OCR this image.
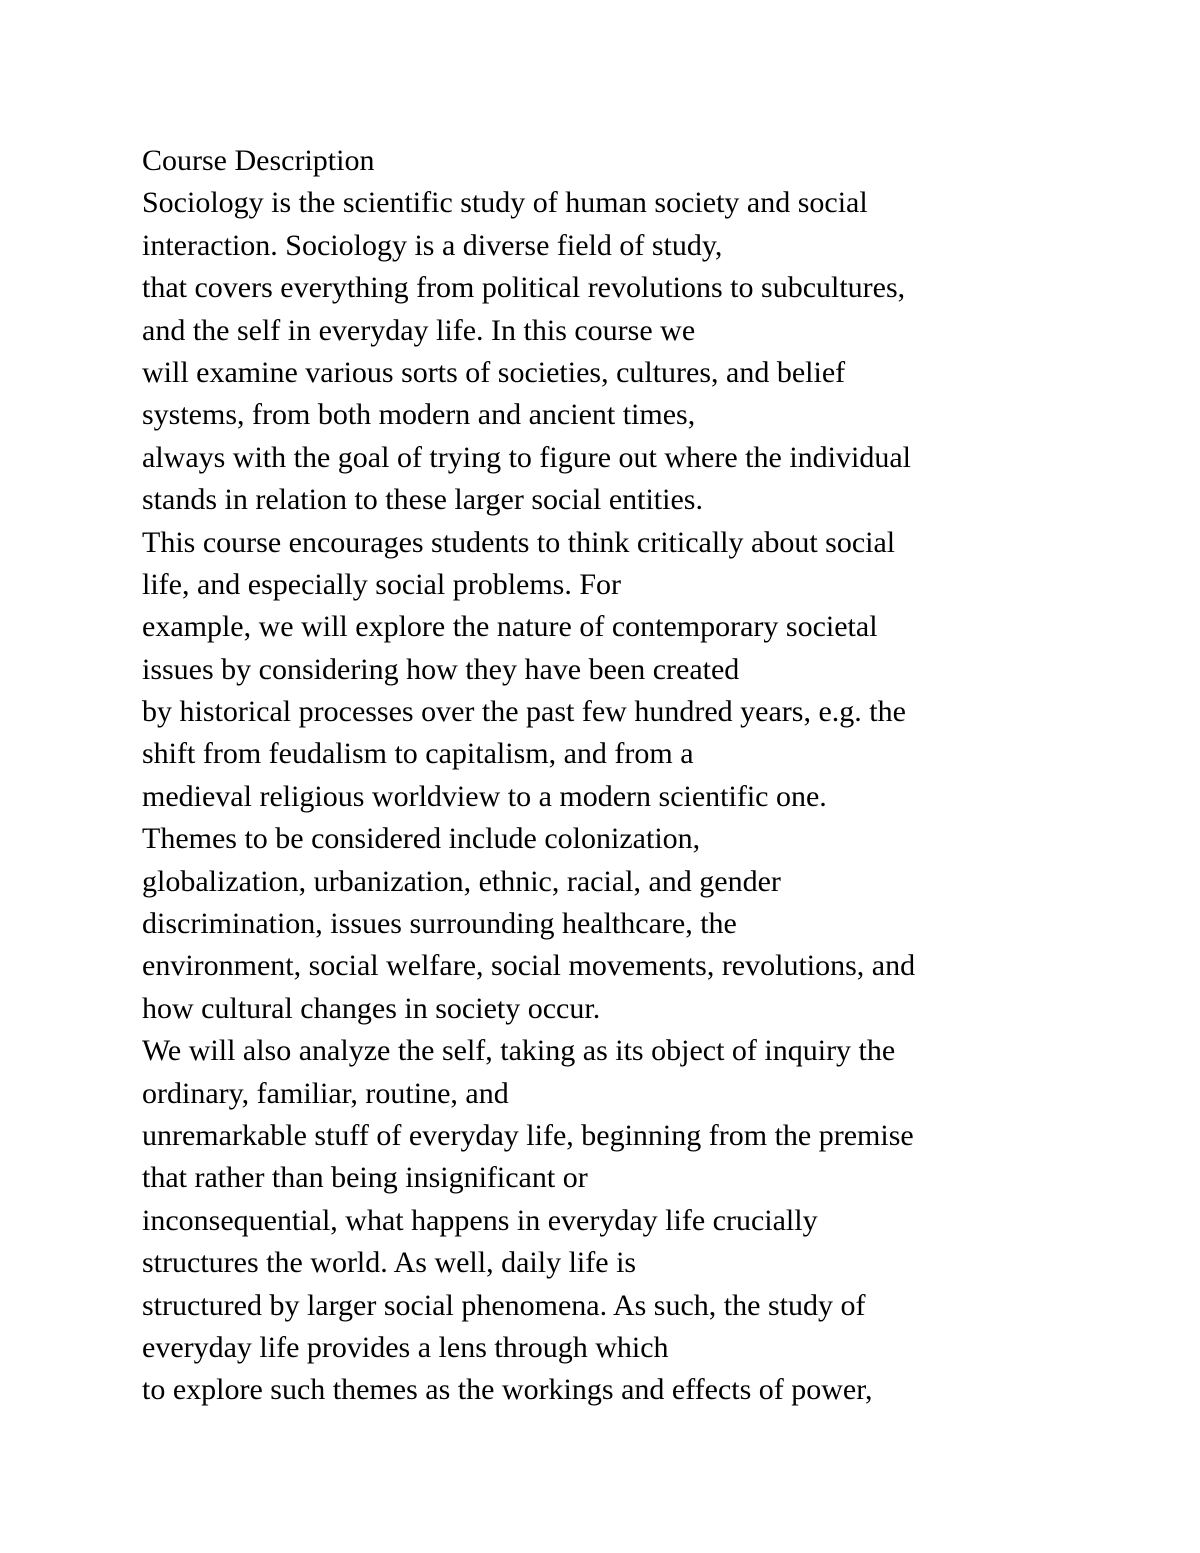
Course Description
Sociology is the scientific study of human society and social
interaction. Sociology is a diverse field of study,
that covers everything from political revolutions to subcultures,
and the self in everyday life. In this course we
will examine various sorts of societies, cultures, and belief
systems, from both modern and ancient times,
always with the goal of trying to figure out where the individual
stands in relation to these larger social entities.
This course encourages students to think critically about social
life, and especially social problems. For
example, we will explore the nature of contemporary societal
issues by considering how they have been created
by historical processes over the past few hundred years, e.g. the
shift from feudalism to capitalism, and from a
medieval religious worldview to a modern scientific one.
Themes to be considered include colonization,
globalization, urbanization, ethnic, racial, and gender
discrimination, issues surrounding healthcare, the
environment, social welfare, social movements, revolutions, and
how cultural changes in society occur.
We will also analyze the self, taking as its object of inquiry the
ordinary, familiar, routine, and
unremarkable stuff of everyday life, beginning from the premise
that rather than being insignificant or
inconsequential, what happens in everyday life crucially
structures the world. As well, daily life is
structured by larger social phenomena. As such, the study of
everyday life provides a lens through which
to explore such themes as the workings and effects of power,
